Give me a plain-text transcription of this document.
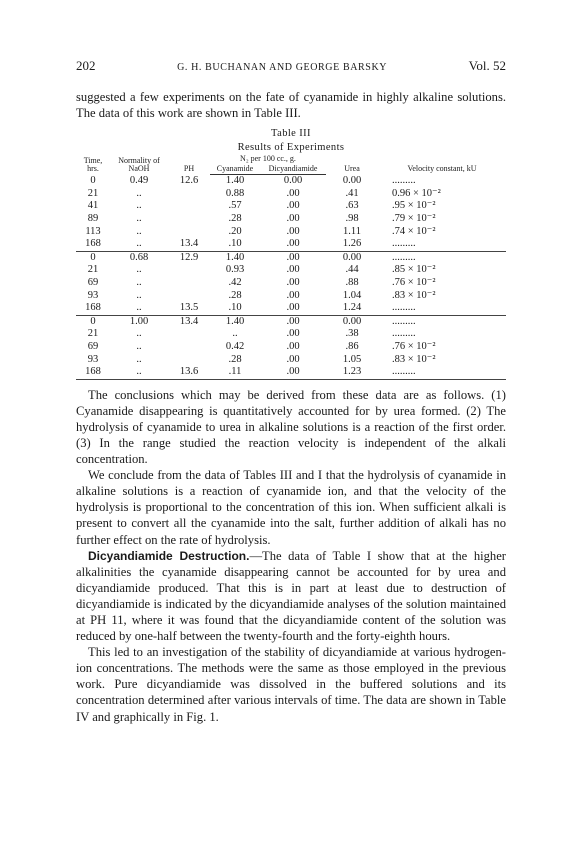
202	G. H. BUCHANAN AND GEORGE BARSKY	Vol. 52

suggested a few experiments on the fate of cyanamide in highly alkaline solutions. The data of this work are shown in Table III.

Table III
Results of Experiments
Time, hrs.	Normality of NaOH	PH	N₂ per 100 cc., g.		Urea	Velocity constant, kU
			Cyanamide	Dicyandiamide		
0	0.49	12.6	1.40	0.00	0.00	.........
21	..		0.88	.00	.41	0.96 × 10⁻²
41	..		.57	.00	.63	.95 × 10⁻²
89	..		.28	.00	.98	.79 × 10⁻²
113	..		.20	.00	1.11	.74 × 10⁻²
168	..	13.4	.10	.00	1.26	.........
0	0.68	12.9	1.40	.00	0.00	.........
21	..		0.93	.00	.44	.85 × 10⁻²
69	..		.42	.00	.88	.76 × 10⁻²
93	..		.28	.00	1.04	.83 × 10⁻²
168	..	13.5	.10	.00	1.24	.........
0	1.00	13.4	1.40	.00	0.00	.........
21	..		..	.00	.38	.........
69	..		0.42	.00	.86	.76 × 10⁻²
93	..		.28	.00	1.05	.83 × 10⁻²
168	..	13.6	.11	.00	1.23	.........

The conclusions which may be derived from these data are as follows. (1) Cyanamide disappearing is quantitatively accounted for by urea formed. (2) The hydrolysis of cyanamide to urea in alkaline solutions is a reaction of the first order. (3) In the range studied the reaction velocity is independent of the alkali concentration.

We conclude from the data of Tables III and I that the hydrolysis of cyanamide in alkaline solutions is a reaction of cyanamide ion, and that the velocity of the hydrolysis is proportional to the concentration of this ion. When sufficient alkali is present to convert all the cyanamide into the salt, further addition of alkali has no further effect on the rate of hydrolysis.

Dicyandiamide Destruction.—The data of Table I show that at the higher alkalinities the cyanamide disappearing cannot be accounted for by urea and dicyandiamide produced. That this is in part at least due to destruction of dicyandiamide is indicated by the dicyandiamide analyses of the solution maintained at PH 11, where it was found that the dicyandiamide content of the solution was reduced by one-half between the twenty-fourth and the forty-eighth hours.

This led to an investigation of the stability of dicyandiamide at various hydrogen-ion concentrations. The methods were the same as those employed in the previous work. Pure dicyandiamide was dissolved in the buffered solutions and its concentration determined after various intervals of time. The data are shown in Table IV and graphically in Fig. 1.
